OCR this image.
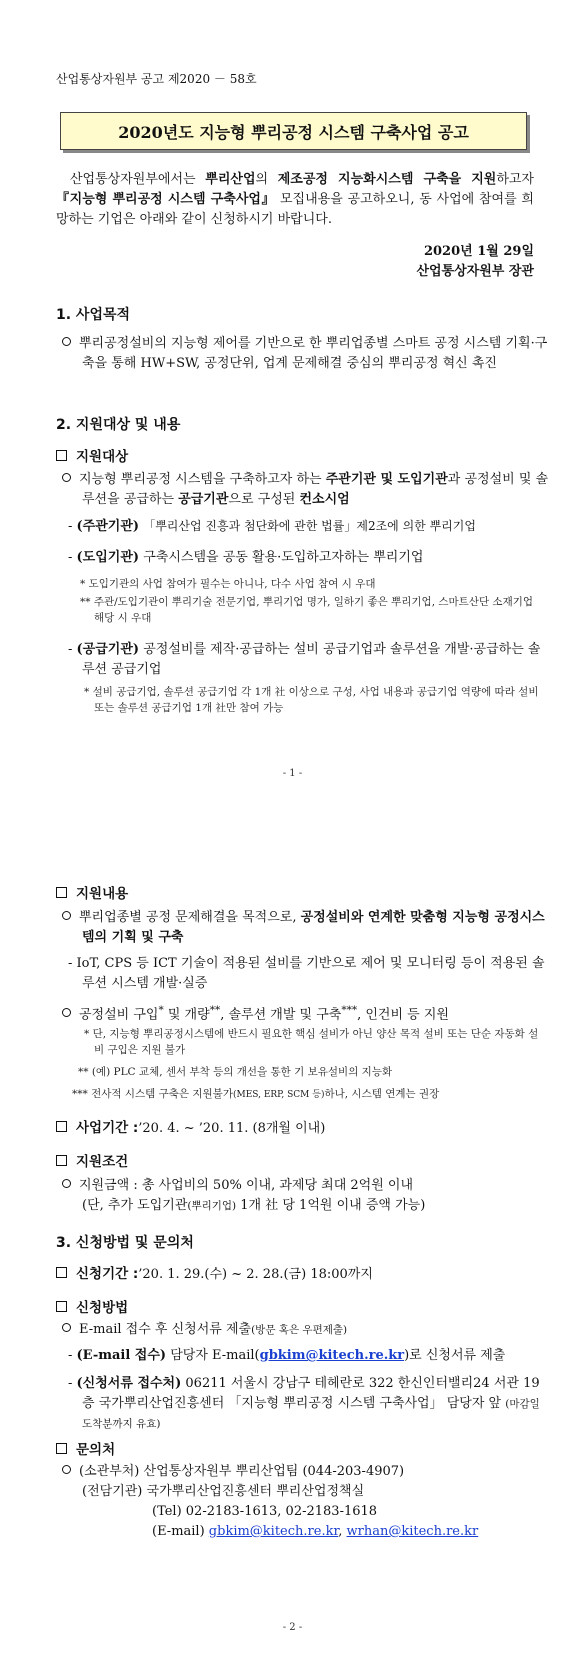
산업통상자원부 공고 제2020 － 58호
2020년도 지능형 뿌리공정 시스템 구축사업 공고
산업통상자원부에서는 뿌리산업의 제조공정 지능화시스템 구축을 지원하고자 『지능형 뿌리공정 시스템 구축사업』 모집내용을 공고하오니, 동 사업에 참여를 희망하는 기업은 아래와 같이 신청하시기 바랍니다.
2020년 1월 29일
산업통상자원부 장관
1. 사업목적
뿌리공정설비의 지능형 제어를 기반으로 한 뿌리업종별 스마트 공정 시스템 기획·구축을 통해 HW+SW, 공정단위, 업계 문제해결 중심의 뿌리공정 혁신 촉진
2. 지원대상 및 내용
지원대상
지능형 뿌리공정 시스템을 구축하고자 하는 주관기관 및 도입기관과 공정설비 및 솔루션을 공급하는 공급기관으로 구성된 컨소시엄
- (주관기관) 「뿌리산업 진흥과 첨단화에 관한 법률」제2조에 의한 뿌리기업
- (도입기관) 구축시스템을 공동 활용·도입하고자하는 뿌리기업
* 도입기관의 사업 참여가 필수는 아니나, 다수 사업 참여 시 우대
** 주관/도입기관이 뿌리기술 전문기업, 뿌리기업 명가, 일하기 좋은 뿌리기업, 스마트산단 소재기업 해당 시 우대
- (공급기관) 공정설비를 제작·공급하는 설비 공급기업과 솔루션을 개발·공급하는 솔루션 공급기업
* 설비 공급기업, 솔루션 공급기업 각 1개 社 이상으로 구성, 사업 내용과 공급기업 역량에 따라 설비 또는 솔루션 공급기업 1개 社만 참여 가능
- 1 -
지원내용
뿌리업종별 공정 문제해결을 목적으로, 공정설비와 연계한 맞춤형 지능형 공정시스템의 기획 및 구축
- IoT, CPS 등 ICT 기술이 적용된 설비를 기반으로 제어 및 모니터링 등이 적용된 솔루션 시스템 개발·실증
공정설비 구입* 및 개량**, 솔루션 개발 및 구축***, 인건비 등 지원
* 단, 지능형 뿌리공정시스템에 반드시 필요한 핵심 설비가 아닌 양산 목적 설비 또는 단순 자동화 설비 구입은 지원 불가
** (예) PLC 교체, 센서 부착 등의 개선을 통한 기 보유설비의 지능화
*** 전사적 시스템 구축은 지원불가(MES, ERP, SCM 등)하나, 시스템 연계는 권장
사업기간 : ’20. 4. ~ ’20. 11. (8개월 이내)
지원조건
지원금액 : 총 사업비의 50% 이내, 과제당 최대 2억원 이내
(단, 추가 도입기관(뿌리기업) 1개 社 당 1억원 이내 증액 가능)
3. 신청방법 및 문의처
신청기간 : ’20. 1. 29.(수) ~ 2. 28.(금) 18:00까지
신청방법
E-mail 접수 후 신청서류 제출(방문 혹은 우편제출)
- (E-mail 접수) 담당자 E-mail(gbkim@kitech.re.kr)로 신청서류 제출
- (신청서류 접수처) 06211 서울시 강남구 테헤란로 322 한신인터밸리24 서관 19층 국가뿌리산업진흥센터 「지능형 뿌리공정 시스템 구축사업」 담당자 앞 (마감일 도착분까지 유효)
문의처
(소관부처) 산업통상자원부 뿌리산업팀 (044-203-4907)
(전담기관) 국가뿌리산업진흥센터 뿌리산업정책실
(Tel) 02-2183-1613, 02-2183-1618
(E-mail) gbkim@kitech.re.kr, wrhan@kitech.re.kr
- 2 -
